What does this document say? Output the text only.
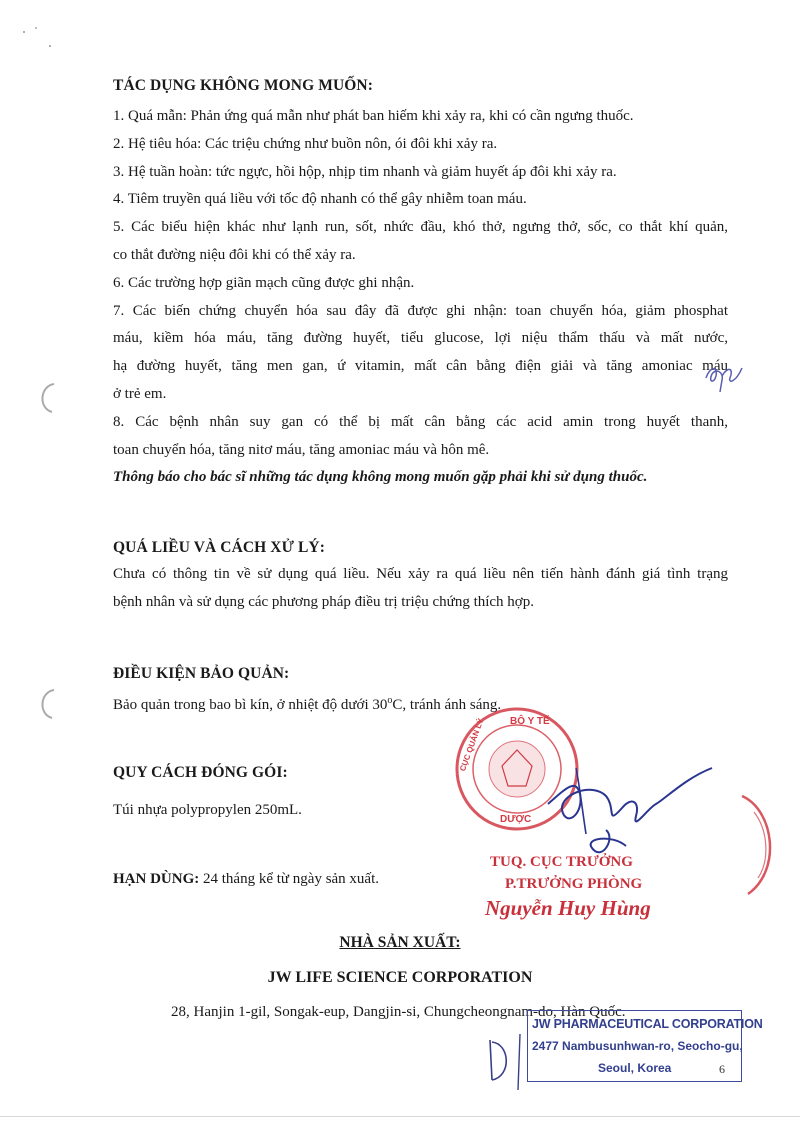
TÁC DỤNG KHÔNG MONG MUỐN:

1. Quá mẫn: Phản ứng quá mẫn như phát ban hiếm khi xảy ra, khi có cần ngưng thuốc.

2. Hệ tiêu hóa: Các triệu chứng như buồn nôn, ói đôi khi xảy ra.

3. Hệ tuần hoàn: tức ngực, hồi hộp, nhịp tim nhanh và giảm huyết áp đôi khi xảy ra.

4. Tiêm truyền quá liều với tốc độ nhanh có thể gây nhiễm toan máu.

5. Các biểu hiện khác như lạnh run, sốt, nhức đầu, khó thở, ngưng thở, sốc, co thắt khí quản,

co thắt đường niệu đôi khi có thể xảy ra.

6. Các trường hợp giãn mạch cũng được ghi nhận.

7. Các biến chứng chuyển hóa sau đây đã được ghi nhận: toan chuyển hóa, giảm phosphat

máu, kiềm hóa máu, tăng đường huyết, tiểu glucose, lợi niệu thẩm thấu và mất nước,

hạ đường huyết, tăng men gan, ứ vitamin, mất cân bằng điện giải và tăng amoniac máu

ở trẻ em.

8. Các bệnh nhân suy gan có thể bị mất cân bằng các acid amin trong huyết thanh,

toan chuyển hóa, tăng nitơ máu, tăng amoniac máu và hôn mê.

Thông báo cho bác sĩ những tác dụng không mong muốn gặp phải khi sử dụng thuốc.

QUÁ LIỀU VÀ CÁCH XỬ LÝ:

Chưa có thông tin về sử dụng quá liều. Nếu xảy ra quá liều nên tiến hành đánh giá tình trạng

bệnh nhân và sử dụng các phương pháp điều trị triệu chứng thích hợp.

ĐIỀU KIỆN BẢO QUẢN:

Bảo quản trong bao bì kín, ở nhiệt độ dưới 30$^o$C, tránh ánh sáng.

QUY CÁCH ĐÓNG GÓI:

Túi nhựa polypropylen 250mL.

HẠN DÙNG: 24 tháng kể từ ngày sản xuất.

BỘ Y TẾ
CỤC QUẢN LÝ
DƯỢC
TUQ. CỤC TRƯỞNG
P.TRƯỞNG PHÒNG
Nguyễn Huy Hùng
NHÀ SẢN XUẤT:
JW LIFE SCIENCE CORPORATION
28, Hanjin 1-gil, Songak-eup, Dangjin-si, Chungcheongnam-do, Hàn Quốc.
JW PHARMACEUTICAL CORPORATION
2477 Nambusunhwan-ro, Seocho-gu,
Seoul, Korea	6
